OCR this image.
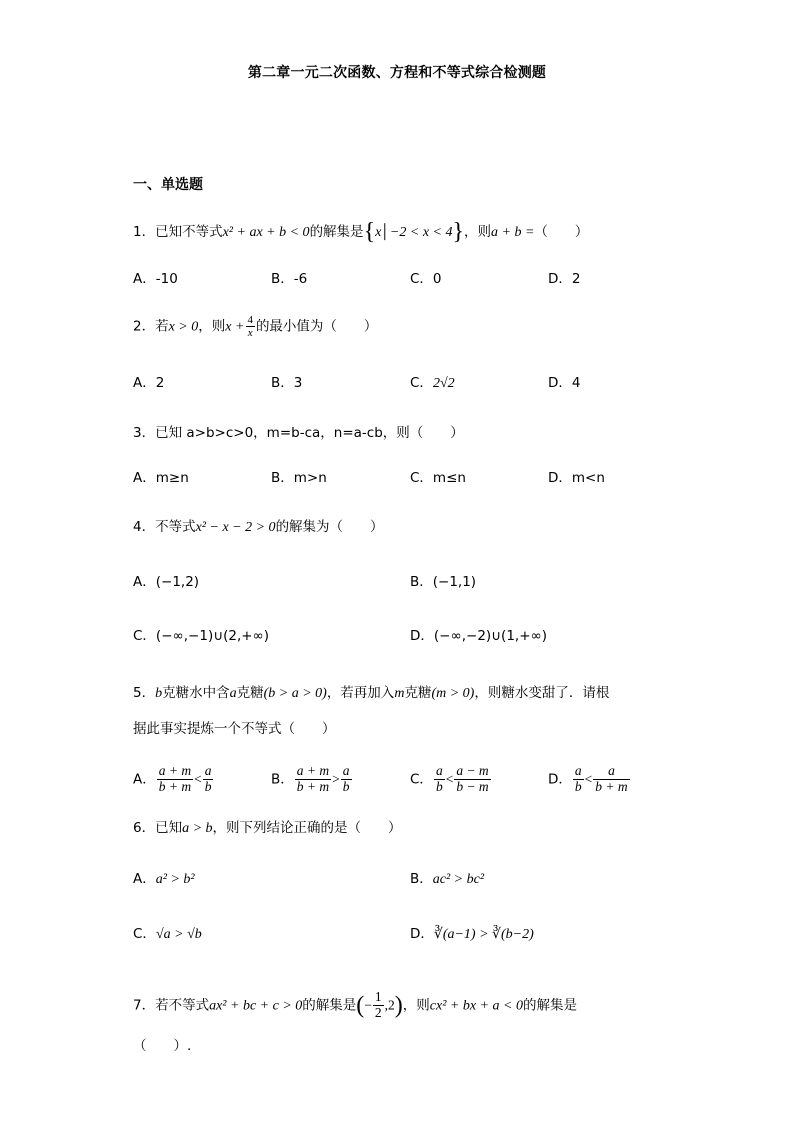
第二章一元二次函数、方程和不等式综合检测题
一、单选题
1．已知不等式x² + ax + b < 0的解集是{x│−2 < x < 4}，则a + b =（　　）
A．-10	B．-6	C．0	D．2
2．若x > 0，则$x + \frac{4}{x}$ 的最小值为（　　）
A．2	B．3	C．2√2	D．4
3．已知 a>b>c>0，m=b-ca，n=a-cb，则（　　）
A．m≥n	B．m>n	C．m≤n	D．m<n
4．不等式x² − x − 2 > 0的解集为（　　）
A．(−1,2)	B．(−1,1)
C．(−∞,−1)∪(2,+∞)	D．(−∞,−2)∪(1,+∞)
5．b克糖水中含a克糖(b > a > 0)，若再加入m克糖(m > 0)，则糖水变甜了．请根
据此事实提炼一个不等式（　　）
A． $\frac{a + m}{b + m} < \frac{a}{b}$	B． $\frac{a + m}{b + m} > \frac{a}{b}$	C． $\frac{a}{b} < \frac{a - m}{b - m}$	D． $\frac{a}{b} < \frac{a}{b + m}$
6．已知a > b，则下列结论正确的是（　　）
A．a² > b²	B．ac² > bc²
C．√a > √b	D．∛(a−1) > ∛(b−2)
7．若不等式ax² + bc + c > 0的解集是(− $\frac{1}{2} ,2$)，则cx² + bx + a < 0的解集是
（　　）.
